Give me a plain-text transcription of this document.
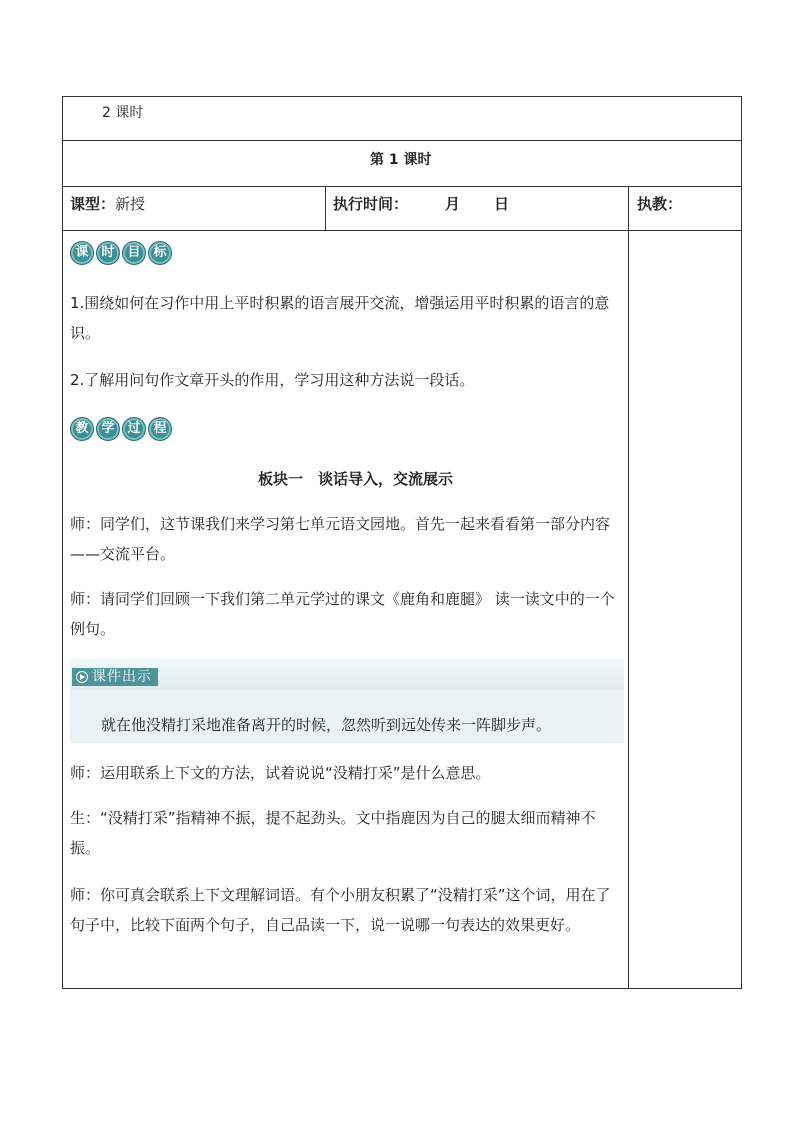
2 课时
第 1 课时
课型：新授	执行时间： 月 日	执教：
课 时 目 标
1.围绕如何在习作中用上平时积累的语言展开交流，增强运用平时积累的语言的意识。
2.了解用问句作文章开头的作用，学习用这种方法说一段话。
教 学 过 程
板块一　谈话导入，交流展示
师：同学们，这节课我们来学习第七单元语文园地。首先一起来看看第一部分内容——交流平台。
师：请同学们回顾一下我们第二单元学过的课文《鹿角和鹿腿》 读一读文中的一个例句。
课件出示
就在他没精打采地准备离开的时候，忽然听到远处传来一阵脚步声。
师：运用联系上下文的方法，试着说说“没精打采”是什么意思。
生：“没精打采”指精神不振，提不起劲头。文中指鹿因为自己的腿太细而精神不振。
师：你可真会联系上下文理解词语。有个小朋友积累了“没精打采”这个词，用在了句子中，比较下面两个句子，自己品读一下，说一说哪一句表达的效果更好。
